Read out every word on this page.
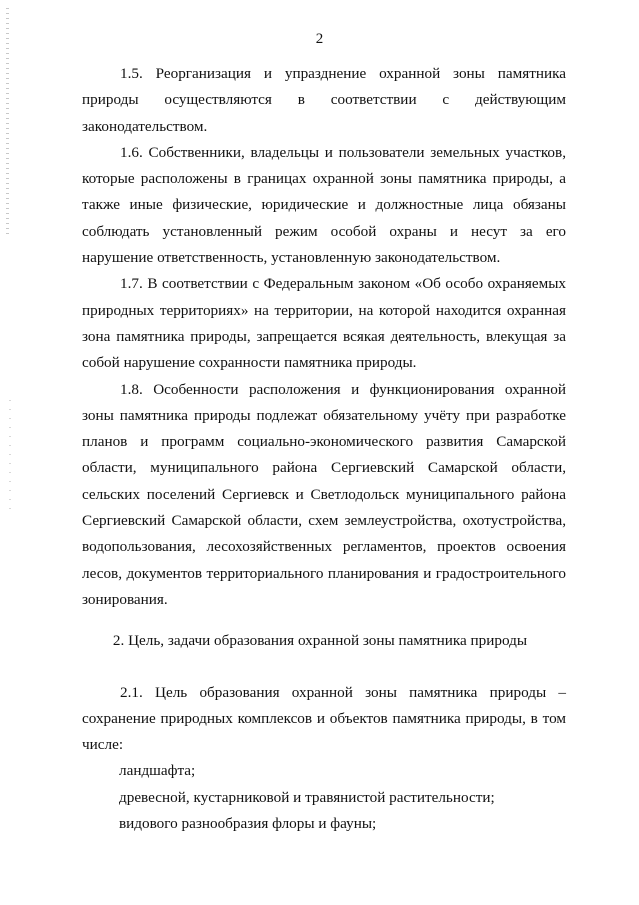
2

1.5. Реорганизация и упразднение охранной зоны памятника природы осуществляются в соответствии с действующим законодательством.

1.6. Собственники, владельцы и пользователи земельных участков, которые расположены в границах охранной зоны памятника природы, а также иные физические, юридические и должностные лица обязаны соблюдать установленный режим особой охраны и несут за его нарушение ответственность, установленную законодательством.

1.7. В соответствии с Федеральным законом «Об особо охраняемых природных территориях» на территории, на которой находится охранная зона памятника природы, запрещается всякая деятельность, влекущая за собой нарушение сохранности памятника природы.

1.8. Особенности расположения и функционирования охранной зоны памятника природы подлежат обязательному учёту при разработке планов и программ социально-экономического развития Самарской области, муниципального района Сергиевский Самарской области, сельских поселений Сергиевск и Светлодольск муниципального района Сергиевский Самарской области, схем землеустройства, охотустройства, водопользования, лесохозяйственных регламентов, проектов освоения лесов, документов территориального планирования и градостроительного зонирования.

2. Цель, задачи образования охранной зоны памятника природы

2.1. Цель образования охранной зоны памятника природы – сохранение природных комплексов и объектов памятника природы, в том числе:

ландшафта;

древесной, кустарниковой и травянистой растительности;

видового разнообразия флоры и фауны;
